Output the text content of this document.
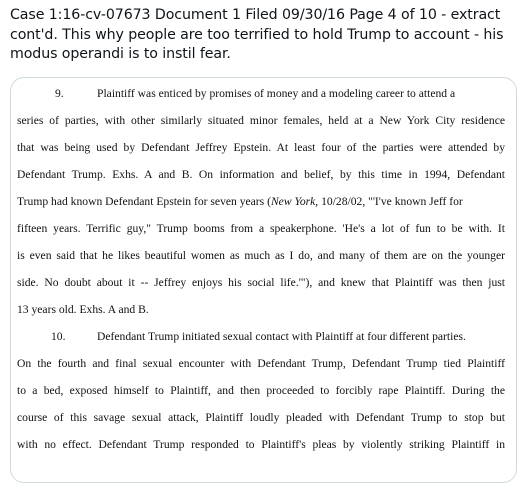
Case 1:16-cv-07673 Document 1 Filed 09/30/16 Page 4 of 10 - extract cont'd. This why people are too terrified to hold Trump to account - his modus operandi is to instil fear.
9.	Plaintiff was enticed by promises of money and a modeling career to attend a
series of parties, with other similarly situated minor females, held at a New York City residence
that was being used by Defendant Jeffrey Epstein. At least four of the parties were attended by
Defendant Trump. Exhs. A and B. On information and belief, by this time in 1994, Defendant
Trump had known Defendant Epstein for seven years (New York, 10/28/02, "'I've known Jeff for
fifteen years. Terrific guy," Trump booms from a speakerphone. 'He's a lot of fun to be with. It
is even said that he likes beautiful women as much as I do, and many of them are on the younger
side. No doubt about it -- Jeffrey enjoys his social life.'"), and knew that Plaintiff was then just
13 years old. Exhs. A and B.
10.	Defendant Trump initiated sexual contact with Plaintiff at four different parties.
On the fourth and final sexual encounter with Defendant Trump, Defendant Trump tied Plaintiff
to a bed, exposed himself to Plaintiff, and then proceeded to forcibly rape Plaintiff. During the
course of this savage sexual attack, Plaintiff loudly pleaded with Defendant Trump to stop but
with no effect. Defendant Trump responded to Plaintiff's pleas by violently striking Plaintiff in
